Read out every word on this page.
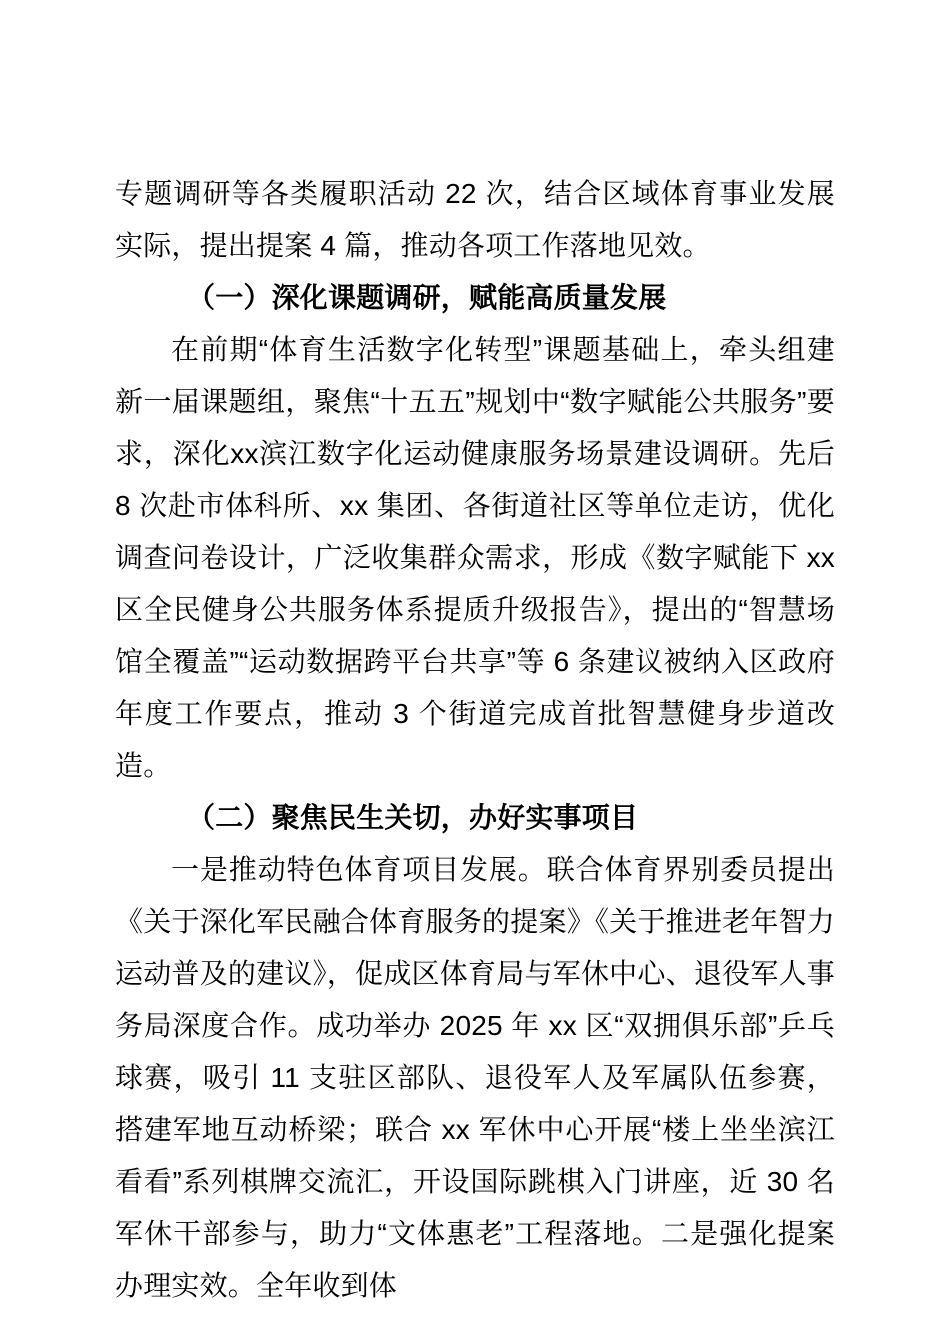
专题调研等各类履职活动 22 次，结合区域体育事业发展实际，提出提案 4 篇，推动各项工作落地见效。

（一）深化课题调研，赋能高质量发展

在前期“体育生活数字化转型”课题基础上，牵头组建新一届课题组，聚焦“十五五”规划中“数字赋能公共服务”要求，深化xx滨江数字化运动健康服务场景建设调研。先后 8 次赴市体科所、xx 集团、各街道社区等单位走访，优化调查问卷设计，广泛收集群众需求，形成《数字赋能下 xx 区全民健身公共服务体系提质升级报告》，提出的“智慧场馆全覆盖”“运动数据跨平台共享”等 6 条建议被纳入区政府年度工作要点，推动 3 个街道完成首批智慧健身步道改造。

（二）聚焦民生关切，办好实事项目

一是推动特色体育项目发展。联合体育界别委员提出《关于深化军民融合体育服务的提案》《关于推进老年智力运动普及的建议》，促成区体育局与军休中心、退役军人事务局深度合作。成功举办 2025 年 xx 区“双拥俱乐部”乒乓球赛，吸引 11 支驻区部队、退役军人及军属队伍参赛，搭建军地互动桥梁；联合 xx 军休中心开展“楼上坐坐滨江看看”系列棋牌交流汇，开设国际跳棋入门讲座，近 30 名军休干部参与，助力“文体惠老”工程落地。二是强化提案办理实效。全年收到体
